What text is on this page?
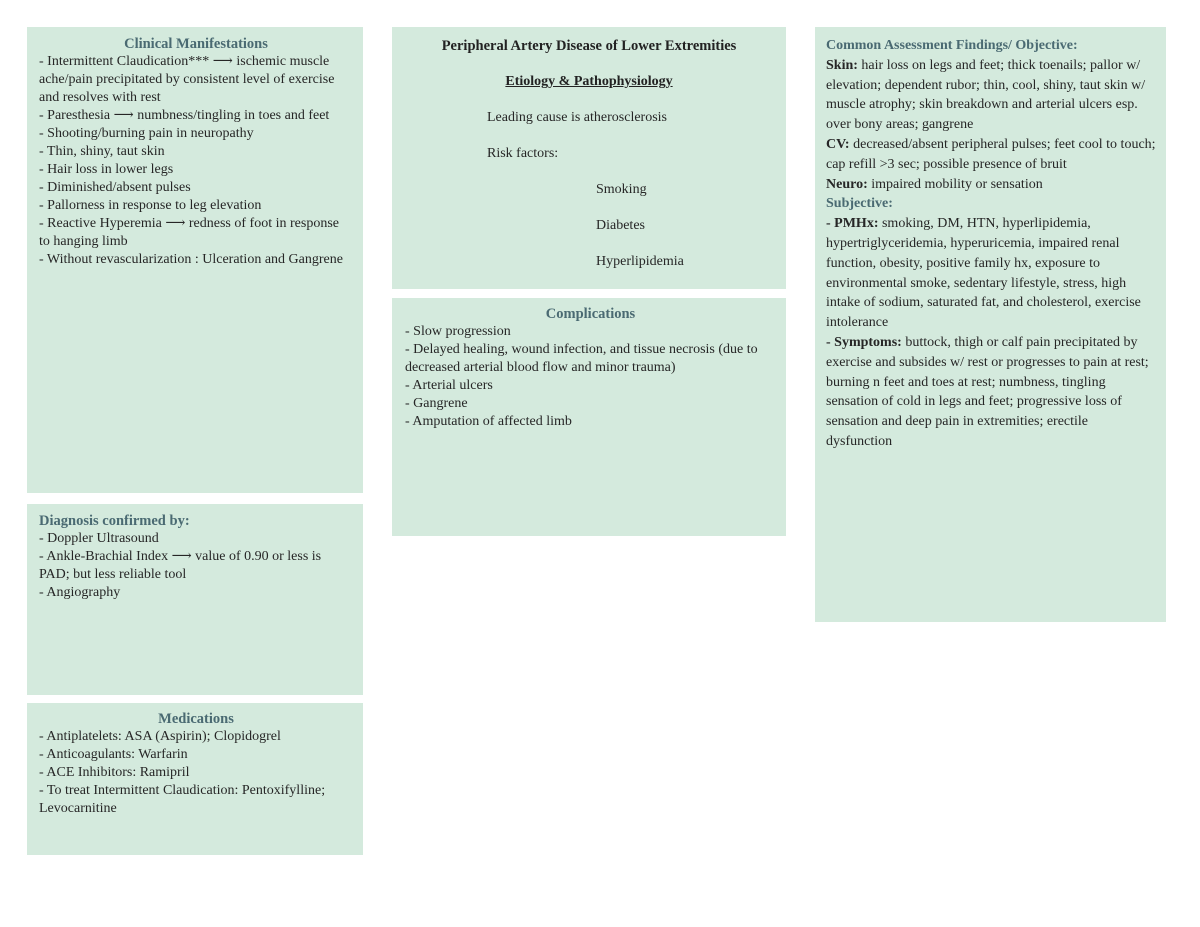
Clinical Manifestations
- Intermittent Claudication*** ⟶ ischemic muscle ache/pain precipitated by consistent level of exercise and resolves with rest
- Paresthesia ⟶ numbness/tingling in toes and feet
- Shooting/burning pain in neuropathy
- Thin, shiny, taut skin
- Hair loss in lower legs
- Diminished/absent pulses
- Pallorness in response to leg elevation
- Reactive Hyperemia ⟶ redness of foot in response to hanging limb
- Without revascularization : Ulceration and Gangrene
Diagnosis confirmed by:
- Doppler Ultrasound
- Ankle-Brachial Index ⟶ value of 0.90 or less is PAD; but less reliable tool
- Angiography
Medications
- Antiplatelets: ASA (Aspirin); Clopidogrel
- Anticoagulants: Warfarin
- ACE Inhibitors: Ramipril
- To treat Intermittent Claudication: Pentoxifylline; Levocarnitine
Peripheral Artery Disease of Lower Extremities
Etiology & Pathophysiology
Leading cause is atherosclerosis
Risk factors:
Smoking
Diabetes
Hyperlipidemia
Complications
- Slow progression
- Delayed healing, wound infection, and tissue necrosis (due to decreased arterial blood flow and minor trauma)
- Arterial ulcers
- Gangrene
- Amputation of affected limb
Common Assessment Findings/ Objective:
Skin: hair loss on legs and feet; thick toenails; pallor w/ elevation; dependent rubor; thin, cool, shiny, taut skin w/ muscle atrophy; skin breakdown and arterial ulcers esp. over bony areas; gangrene
CV: decreased/absent peripheral pulses; feet cool to touch; cap refill >3 sec; possible presence of bruit
Neuro: impaired mobility or sensation
Subjective:
- PMHx: smoking, DM, HTN, hyperlipidemia, hypertriglyceridemia, hyperuricemia, impaired renal function, obesity, positive family hx, exposure to environmental smoke, sedentary lifestyle, stress, high intake of sodium, saturated fat, and cholesterol, exercise intolerance
- Symptoms: buttock, thigh or calf pain precipitated by exercise and subsides w/ rest or progresses to pain at rest; burning n feet and toes at rest; numbness, tingling sensation of cold in legs and feet; progressive loss of sensation and deep pain in extremities; erectile dysfunction
